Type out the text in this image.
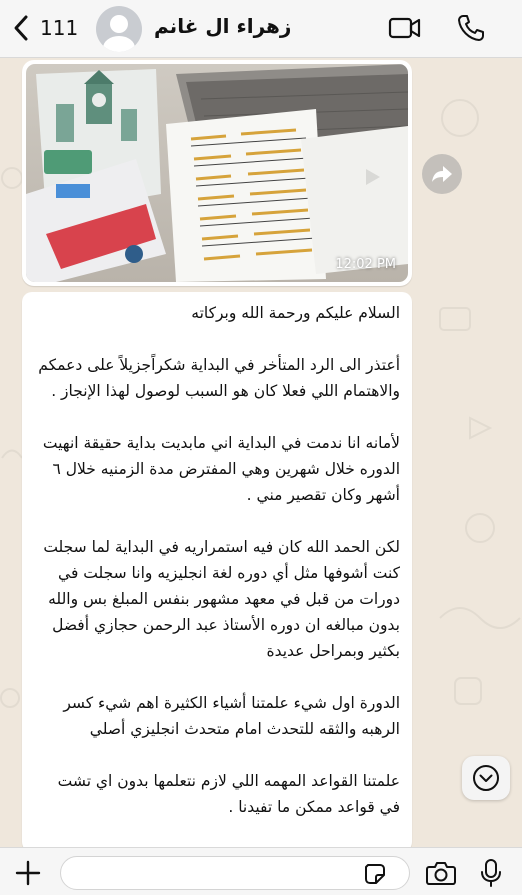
111	زهراء ال غانم
12:02 PM

السلام عليكم ورحمة الله وبركاته

أعتذر الى الرد المتأخر في البداية شكراًجزيلاً على دعمكم والاهتمام اللي فعلا كان هو السبب لوصول لهذا الإنجاز .

لأمانه انا ندمت في البداية اني مابديت بداية حقيقة انهيت الدوره خلال شهرين وهي المفترض مدة الزمنيه خلال ٦ أشهر وكان تقصير مني .

لكن الحمد الله كان فيه استمراريه في البداية لما سجلت كنت أشوفها مثل أي دوره لغة انجليزيه وانا سجلت في دورات من قبل في معهد مشهور بنفس المبلغ بس والله بدون مبالغه ان دوره الأستاذ عبد الرحمن حجازي أفضل بكثير وبمراحل عديدة

الدورة اول شيء علمتنا أشياء الكثيرة اهم شيء كسر الرهبه والثقه للتحدث امام متحدث انجليزي أصلي

علمتنا القواعد المهمه اللي لازم نتعلمها بدون اي تشت في قواعد ممكن ما تفيدنا .
